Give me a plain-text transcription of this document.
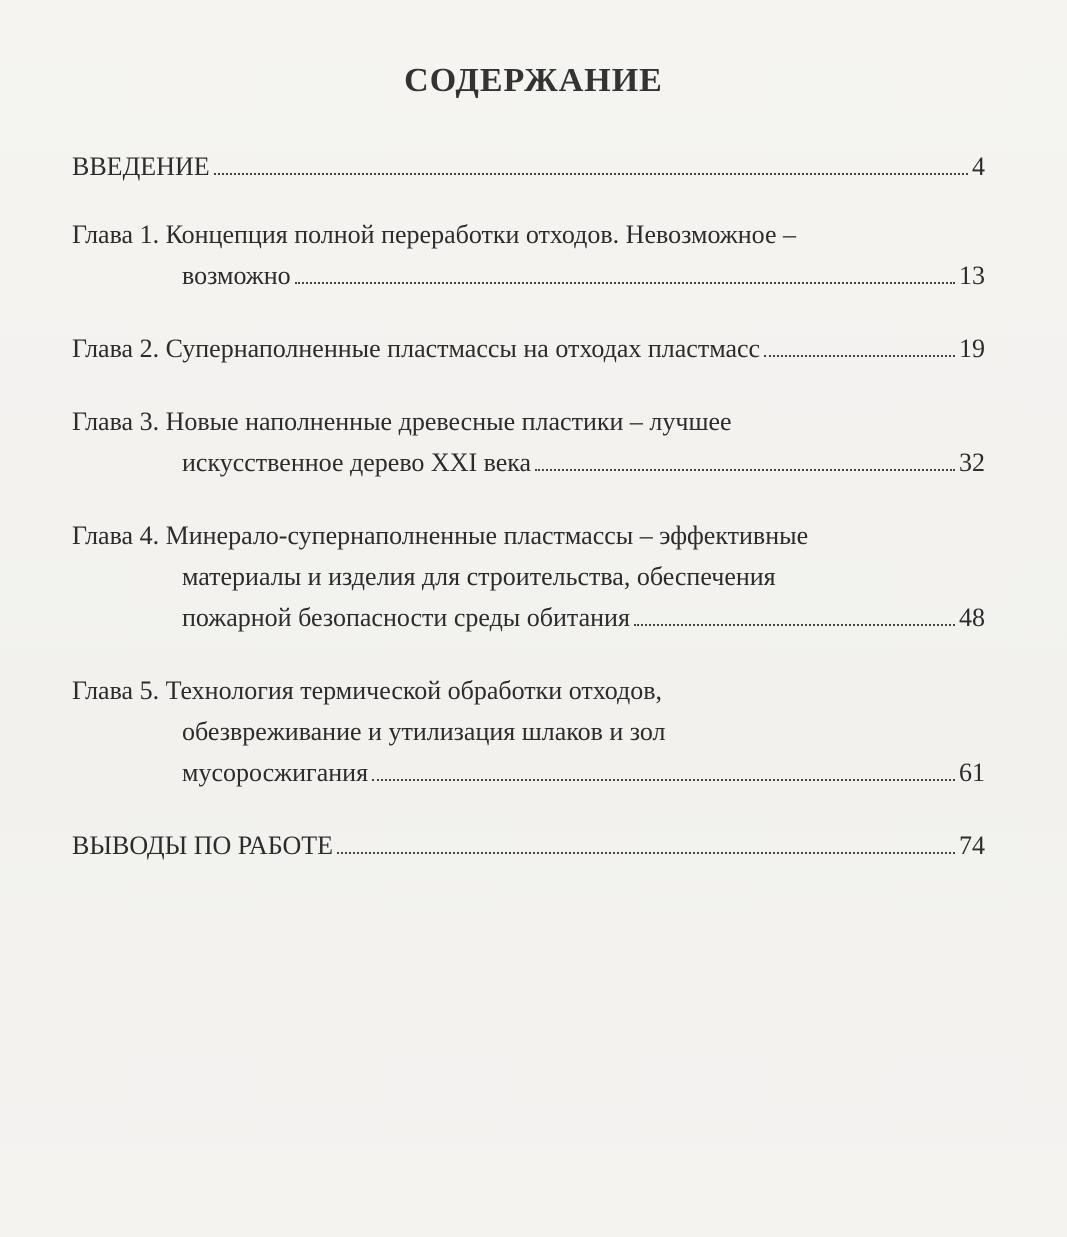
СОДЕРЖАНИЕ
ВВЕДЕНИЕ	4
Глава 1.
Концепция полной переработки отходов. Невозможное –
возможно	13
Глава 2.
Супернаполненные пластмассы на отходах пластмасс	19
Глава 3.
Новые наполненные древесные пластики – лучшее
искусственное дерево XXI века	32
Глава 4.
Минерало-супернаполненные пластмассы – эффективные
материалы и изделия для строительства, обеспечения
пожарной безопасности среды обитания	48
Глава 5.
Технология термической обработки отходов,
обезвреживание и утилизация шлаков и зол
мусоросжигания	61
ВЫВОДЫ ПО РАБОТЕ	74
